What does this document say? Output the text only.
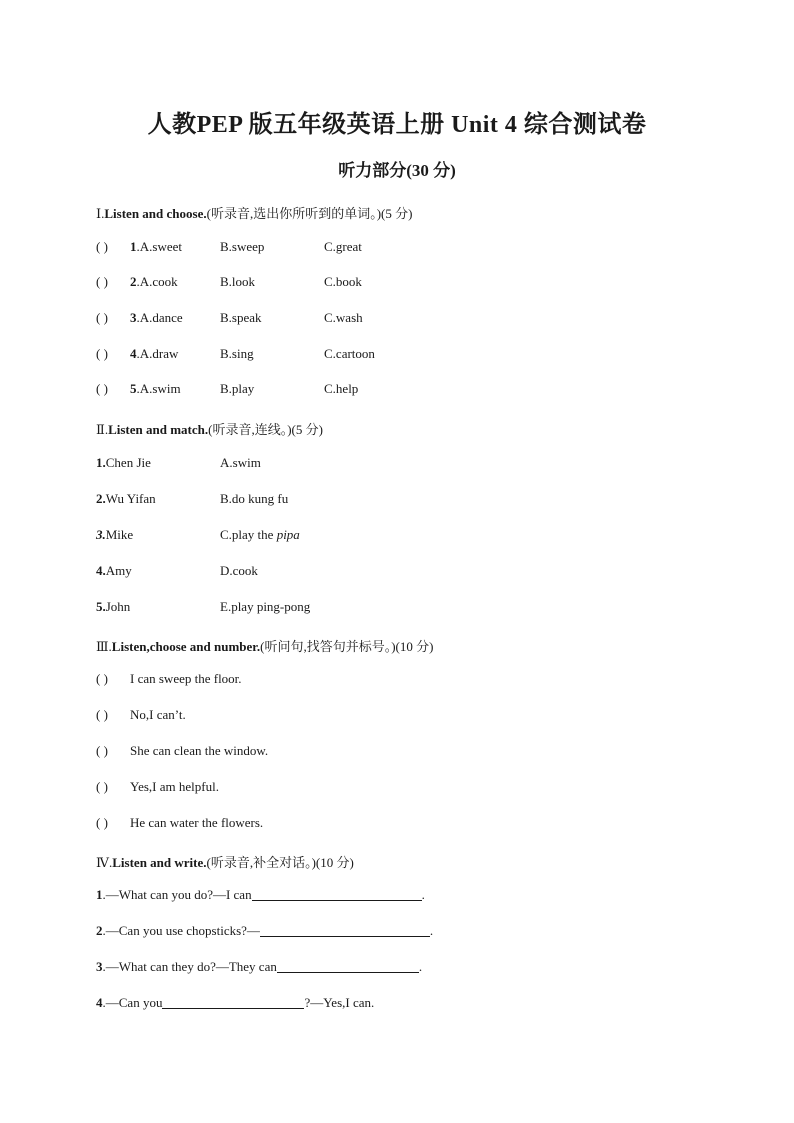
人教PEP 版五年级英语上册 Unit 4 综合测试卷
听力部分(30 分)
Ⅰ.Listen and choose.(听录音,选出你所听到的单词。)(5 分)
( ) 1.A.sweet	B.sweep	C.great
( ) 2.A.cook	B.look	C.book
( ) 3.A.dance	B.speak	C.wash
( ) 4.A.draw	B.sing	C.cartoon
( ) 5.A.swim	B.play	C.help
Ⅱ.Listen and match.(听录音,连线。)(5 分)
1.Chen Jie	A.swim
2.Wu Yifan	B.do kung fu
3.Mike	C.play the pipa
4.Amy	D.cook
5.John	E.play ping-pong
Ⅲ.Listen,choose and number.(听问句,找答句并标号。)(10 分)
( ) I can sweep the floor.
( ) No,I can’t.
( ) She can clean the window.
( ) Yes,I am helpful.
( ) He can water the flowers.
Ⅳ.Listen and write.(听录音,补全对话。)(10 分)
1.—What can you do?—I can	.
2.—Can you use chopsticks?—	.
3.—What can they do?—They can	.
4.—Can you	?—Yes,I can.
